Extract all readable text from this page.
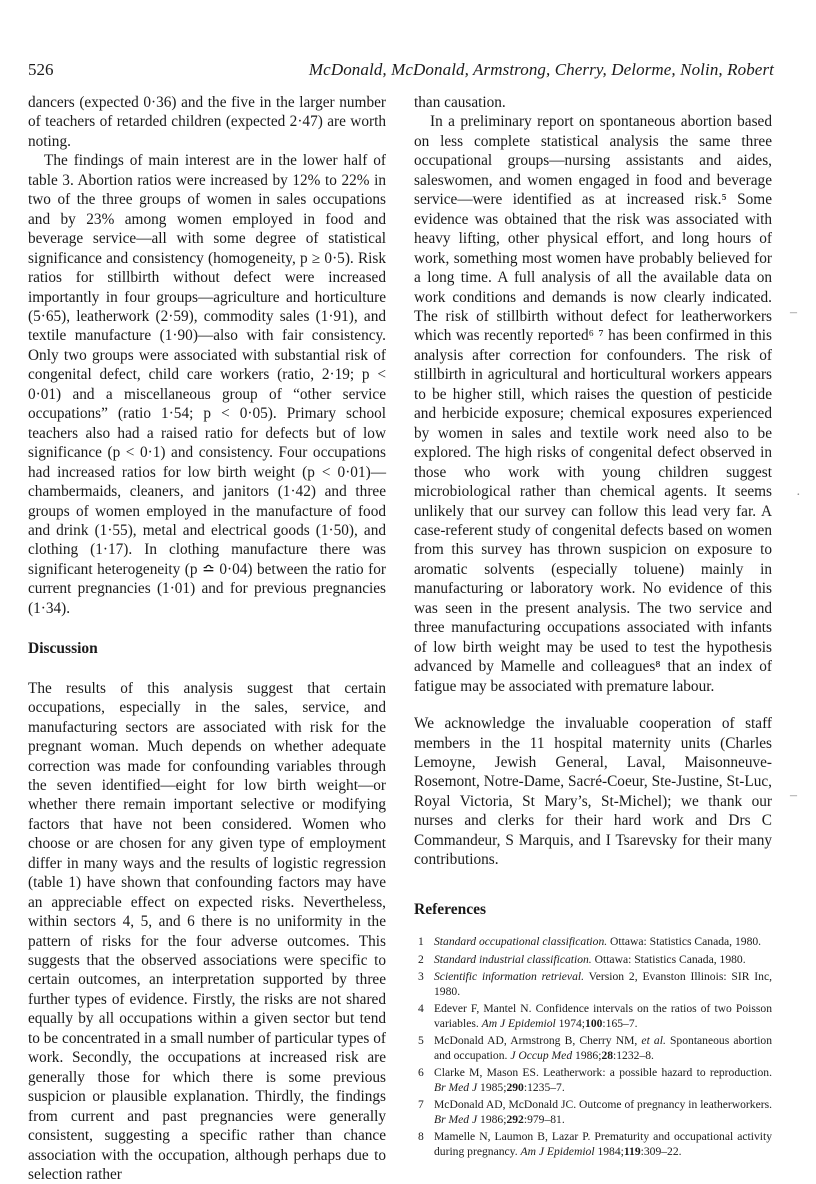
526	McDonald, McDonald, Armstrong, Cherry, Delorme, Nolin, Robert

dancers (expected 0·36) and the five in the larger number of teachers of retarded children (expected 2·47) are worth noting.

The findings of main interest are in the lower half of table 3. Abortion ratios were increased by 12% to 22% in two of the three groups of women in sales occupations and by 23% among women employed in food and beverage service—all with some degree of statistical significance and consistency (homogeneity, p ≥ 0·5). Risk ratios for stillbirth without defect were increased importantly in four groups—agriculture and horticulture (5·65), leatherwork (2·59), commodity sales (1·91), and textile manufacture (1·90)—also with fair consistency. Only two groups were associated with substantial risk of congenital defect, child care workers (ratio, 2·19; p < 0·01) and a miscellaneous group of “other service occupations” (ratio 1·54; p < 0·05). Primary school teachers also had a raised ratio for defects but of low significance (p < 0·1) and consistency. Four occupations had increased ratios for low birth weight (p < 0·01)—chambermaids, cleaners, and janitors (1·42) and three groups of women employed in the manufacture of food and drink (1·55), metal and electrical goods (1·50), and clothing (1·17). In clothing manufacture there was significant heterogeneity (p ≏ 0·04) between the ratio for current pregnancies (1·01) and for previous pregnancies (1·34).

Discussion

The results of this analysis suggest that certain occupations, especially in the sales, service, and manufacturing sectors are associated with risk for the pregnant woman. Much depends on whether adequate correction was made for confounding variables through the seven identified—eight for low birth weight—or whether there remain important selective or modifying factors that have not been considered. Women who choose or are chosen for any given type of employment differ in many ways and the results of logistic regression (table 1) have shown that confounding factors may have an appreciable effect on expected risks. Nevertheless, within sectors 4, 5, and 6 there is no uniformity in the pattern of risks for the four adverse outcomes. This suggests that the observed associations were specific to certain outcomes, an interpretation supported by three further types of evidence. Firstly, the risks are not shared equally by all occupations within a given sector but tend to be concentrated in a small number of particular types of work. Secondly, the occupations at increased risk are generally those for which there is some previous suspicion or plausible explanation. Thirdly, the findings from current and past pregnancies were generally consistent, suggesting a specific rather than chance association with the occupation, although perhaps due to selection rather

than causation.

In a preliminary report on spontaneous abortion based on less complete statistical analysis the same three occupational groups—nursing assistants and aides, saleswomen, and women engaged in food and beverage service—were identified as at increased risk.⁵ Some evidence was obtained that the risk was associated with heavy lifting, other physical effort, and long hours of work, something most women have probably believed for a long time. A full analysis of all the available data on work conditions and demands is now clearly indicated. The risk of stillbirth without defect for leatherworkers which was recently reported⁶ ⁷ has been confirmed in this analysis after correction for confounders. The risk of stillbirth in agricultural and horticultural workers appears to be higher still, which raises the question of pesticide and herbicide exposure; chemical exposures experienced by women in sales and textile work need also to be explored. The high risks of congenital defect observed in those who work with young children suggest microbiological rather than chemical agents. It seems unlikely that our survey can follow this lead very far. A case-referent study of congenital defects based on women from this survey has thrown suspicion on exposure to aromatic solvents (especially toluene) mainly in manufacturing or laboratory work. No evidence of this was seen in the present analysis. The two service and three manufacturing occupations associated with infants of low birth weight may be used to test the hypothesis advanced by Mamelle and colleagues⁸ that an index of fatigue may be associated with premature labour.

We acknowledge the invaluable cooperation of staff members in the 11 hospital maternity units (Charles Lemoyne, Jewish General, Laval, Maisonneuve-Rosemont, Notre-Dame, Sacré-Coeur, Ste-Justine, St-Luc, Royal Victoria, St Mary’s, St-Michel); we thank our nurses and clerks for their hard work and Drs C Commandeur, S Marquis, and I Tsarevsky for their many contributions.

References
1 Standard occupational classification. Ottawa: Statistics Canada, 1980.
2 Standard industrial classification. Ottawa: Statistics Canada, 1980.
3 Scientific information retrieval. Version 2, Evanston Illinois: SIR Inc, 1980.
4 Edever F, Mantel N. Confidence intervals on the ratios of two Poisson variables. Am J Epidemiol 1974;100:165–7.
5 McDonald AD, Armstrong B, Cherry NM, et al. Spontaneous abortion and occupation. J Occup Med 1986;28:1232–8.
6 Clarke M, Mason ES. Leatherwork: a possible hazard to reproduction. Br Med J 1985;290:1235–7.
7 McDonald AD, McDonald JC. Outcome of pregnancy in leatherworkers. Br Med J 1986;292:979–81.
8 Mamelle N, Laumon B, Lazar P. Prematurity and occupational activity during pregnancy. Am J Epidemiol 1984;119:309–22.
–
·
–
